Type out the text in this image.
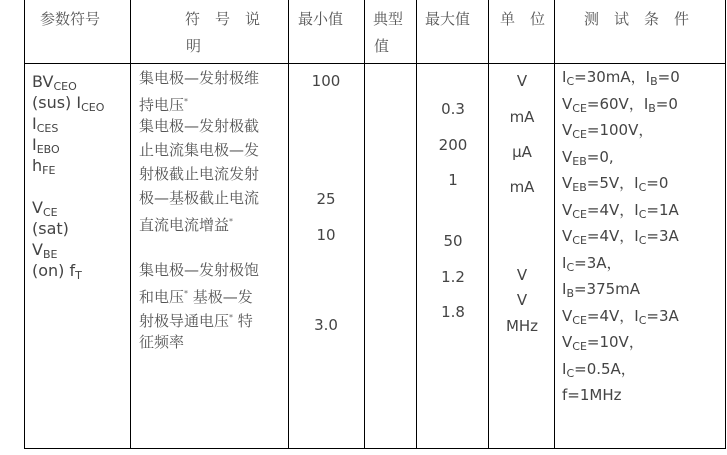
参数符号	符　号　说
明
最小值 典型
值
最大值 单　位	测　试　条　件
$BV_{CEO}$
(sus) $I_{CEO}$
$I_{CES}$
$I_{EBO}$
$h_{FE}$
$V_{CE}$
(sat)
$V_{BE}$
(on) $f_T$
集电极—发射极维
持电压*
集电极—发射极截
止电流集电极—发
射极截止电流发射
极—基极截止电流
直流电流增益*
集电极—发射极饱
和电压* 基极—发
射极导通电压* 特
征频率
100
25
10
3.0
0.3
200
1
50
1.2
1.8
V
mA
μA
mA
V
V
MHz
$I_C=30mA$，$I_B=0$
$V_{CE}=60V$，$I_B=0$
$V_{CE}=100V$，
$V_{EB}=0$,
$V_{EB}=5V$，$I_C=0$
$V_{CE}=4V$，$I_C=1A$
$V_{CE}=4V$，$I_C=3A$
$I_C=3A$，
$I_B=375mA$
$V_{CE}=4V$，$I_C=3A$
$V_{CE}=10V$，
$I_C=0.5A$，
f=1MHz
